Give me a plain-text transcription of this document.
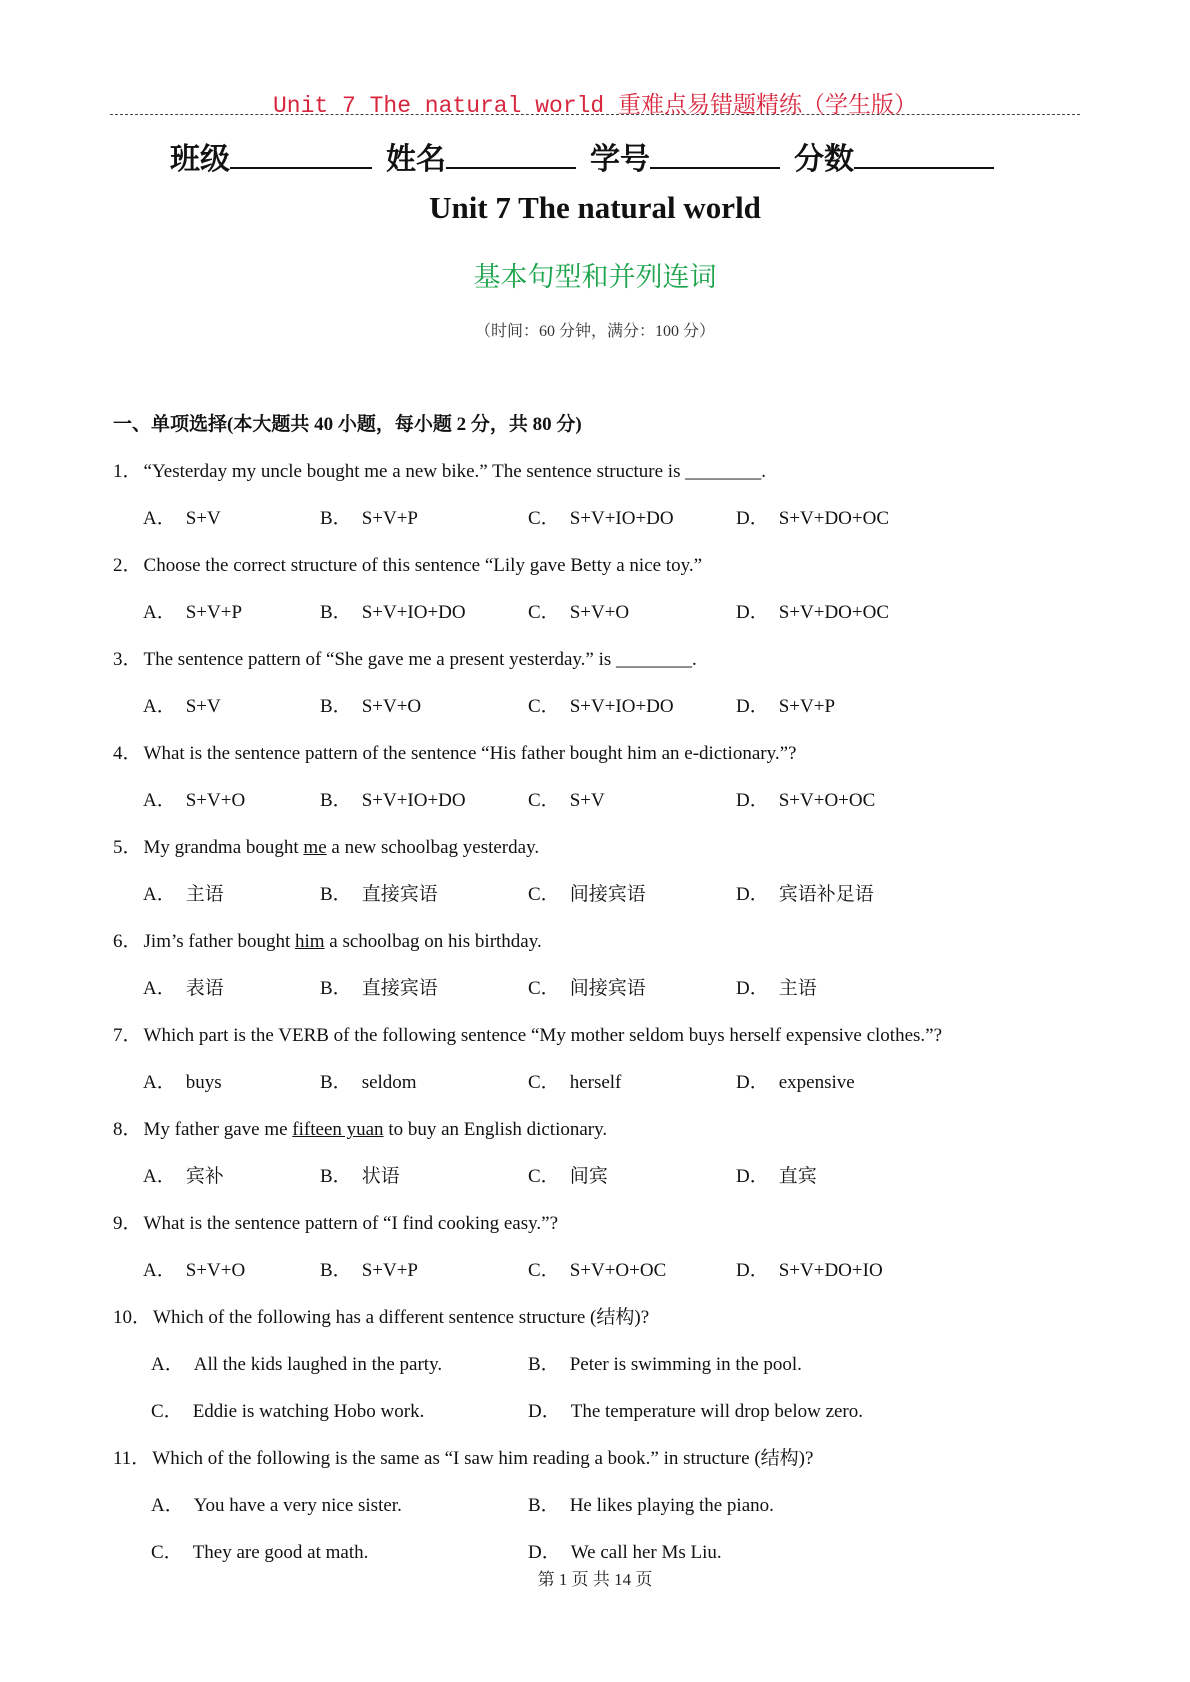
Unit 7 The natural world 重难点易错题精练（学生版）
班级	姓名	学号	分数
Unit 7 The natural world
基本句型和并列连词
（时间：60 分钟，满分：100 分）
一、单项选择(本大题共 40 小题，每小题 2 分，共 80 分)
1． “Yesterday my uncle bought me a new bike.” The sentence structure is ________.
A． S+V	B． S+V+P	C． S+V+IO+DO	D． S+V+DO+OC
2． Choose the correct structure of this sentence “Lily gave Betty a nice toy.”
A． S+V+P	B． S+V+IO+DO	C． S+V+O	D． S+V+DO+OC
3． The sentence pattern of “She gave me a present yesterday.” is ________.
A． S+V	B． S+V+O	C． S+V+IO+DO	D． S+V+P
4． What is the sentence pattern of the sentence “His father bought him an e-dictionary.”?
A． S+V+O	B． S+V+IO+DO	C． S+V	D． S+V+O+OC
5． My grandma bought me a new schoolbag yesterday.
A． 主语	B． 直接宾语	C． 间接宾语	D． 宾语补足语
6． Jim’s father bought him a schoolbag on his birthday.
A． 表语	B． 直接宾语	C． 间接宾语	D． 主语
7． Which part is the VERB of the following sentence “My mother seldom buys herself expensive clothes.”?
A． buys	B． seldom	C． herself	D． expensive
8． My father gave me fifteen yuan to buy an English dictionary.
A． 宾补	B． 状语	C． 间宾	D． 直宾
9． What is the sentence pattern of “I find cooking easy.”?
A． S+V+O	B． S+V+P	C． S+V+O+OC	D． S+V+DO+IO
10． Which of the following has a different sentence structure (结构)?
A． All the kids laughed in the party.	B． Peter is swimming in the pool.
C． Eddie is watching Hobo work.	D． The temperature will drop below zero.
11． Which of the following is the same as “I saw him reading a book.” in structure (结构)?
A． You have a very nice sister.	B． He likes playing the piano.
C． They are good at math.	D． We call her Ms Liu.
第 1 页 共 14 页
